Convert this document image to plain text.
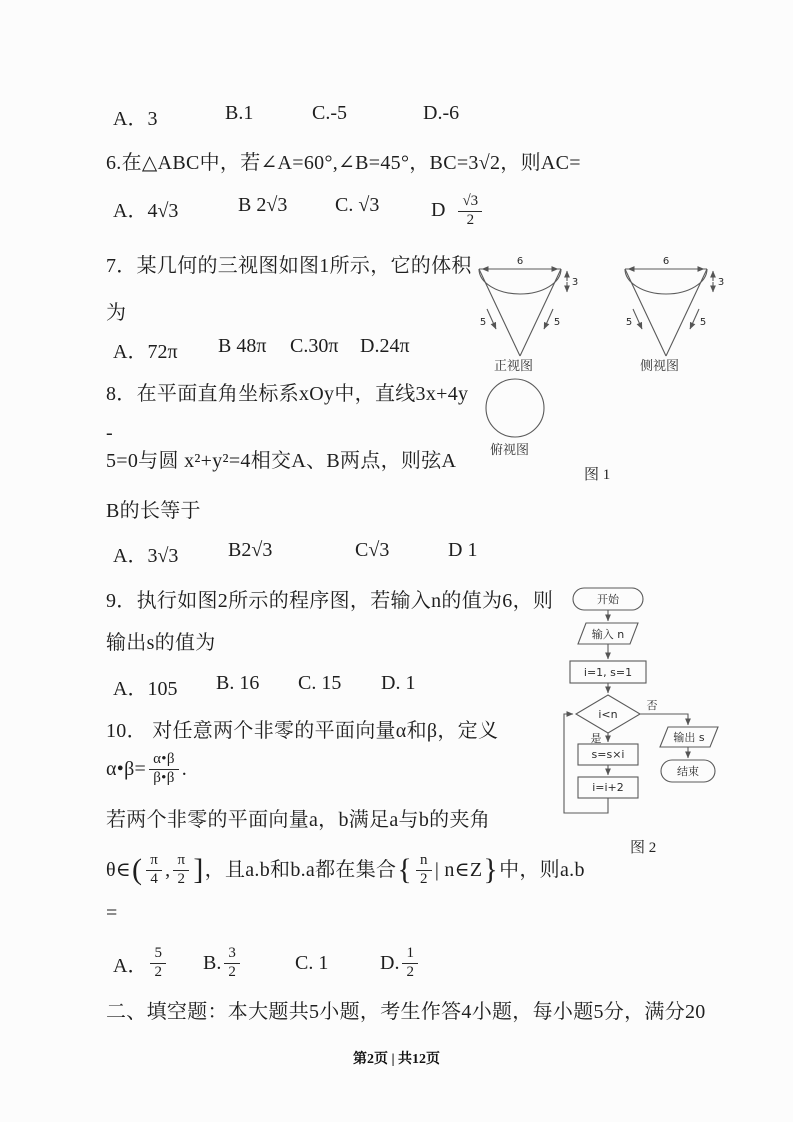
A．3	B.1	C.-5	D.-6
6.在△ABC中，若∠A=60°,∠B=45°，BC=3√2，则AC=
A．4√3	B 2√3 C. √3	D $\frac{√3}{2}$
7．某几何的三视图如图1所示，它的体积
为
A．72π B 48π C.30π D.24π
8．在平面直角坐标系xOy中，直线3x+4y
-
5=0与圆 x²+y²=4相交A、B两点，则弦A
B的长等于
A．3√3 B2√3	C√3	D 1
9．执行如图2所示的程序图，若输入n的值为6，则
输出s的值为
A．105 B. 16 C. 15 D. 1
10． 对任意两个非零的平面向量α和β，定义
α•β= $\frac{\alpha•\beta}{\beta•\beta}$ .
若两个非零的平面向量a，b满足a与b的夹角
θ∈ ( $\frac{\pi}{4}$ , $\frac{\pi}{2}$ ] ，且a.b和b.a都在集合 { $\frac{n}{2}$ | n∈Z } 中，则a.b
=
A． $\frac{5}{2} B$. $\frac{3}{2}$	C. 1	D. $\frac{1}{2}$
二、填空题：本大题共5小题，考生作答4小题，每小题5分，满分20
6
3
5	5
正视图
6
3
5	5
侧视图
俯视图
图 1
开始
输入 n
i=1, s=1
i<n
否
输出 s
结束
是
s=s×i
i=i+2
图 2
第2页 | 共12页
